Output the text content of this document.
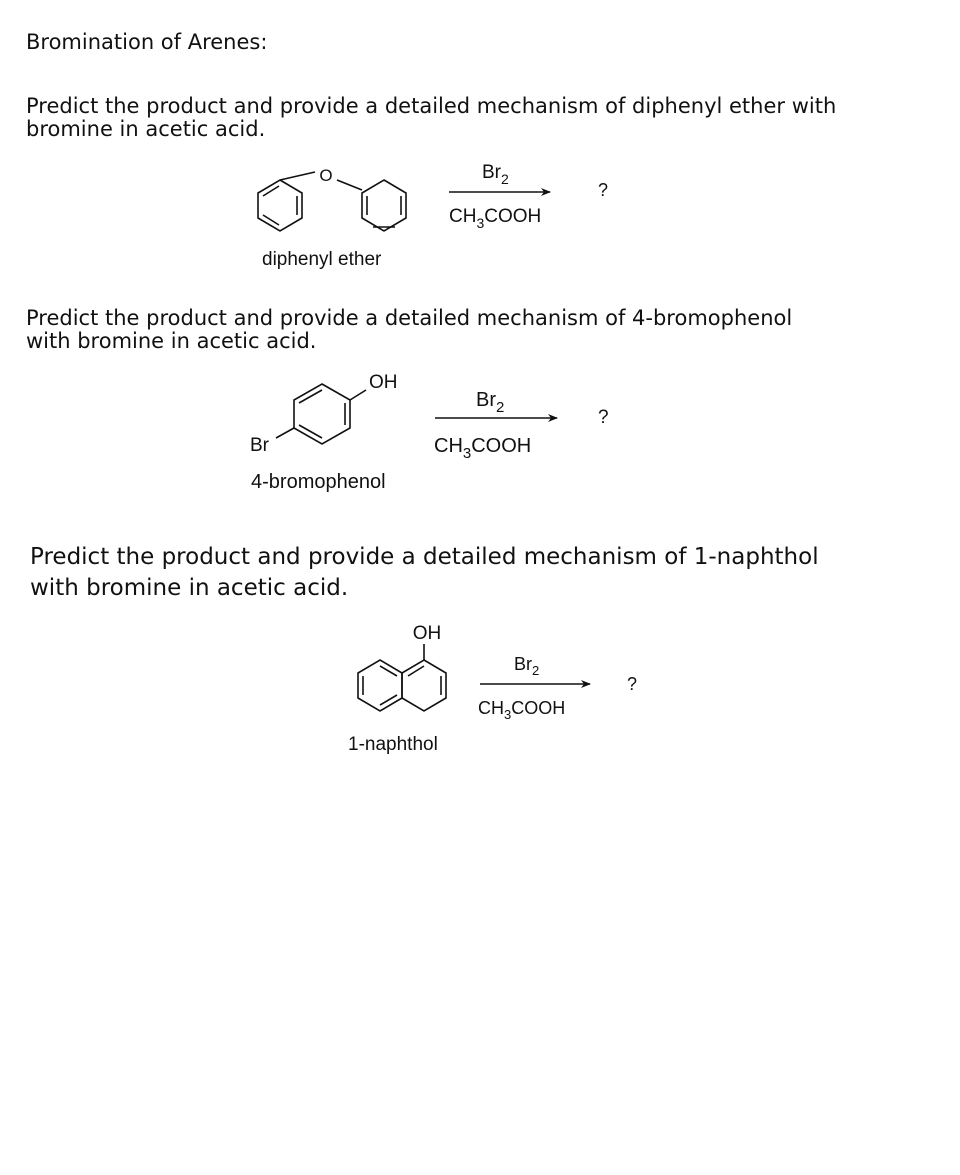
Bromination of Arenes:
Predict the product and provide a detailed mechanism of diphenyl ether with
bromine in acetic acid.
Predict the product and provide a detailed mechanism of 4-bromophenol
with bromine in acetic acid.
Predict the product and provide a detailed mechanism of 1-naphthol
with bromine in acetic acid.
O	$Br_2$
$CH_3COOH$
?
diphenyl ether
OH
Br
$Br_2$
$CH_3COOH$
?
4-bromophenol
OH
$Br_2$
$CH_3COOH$
?
1-naphthol
